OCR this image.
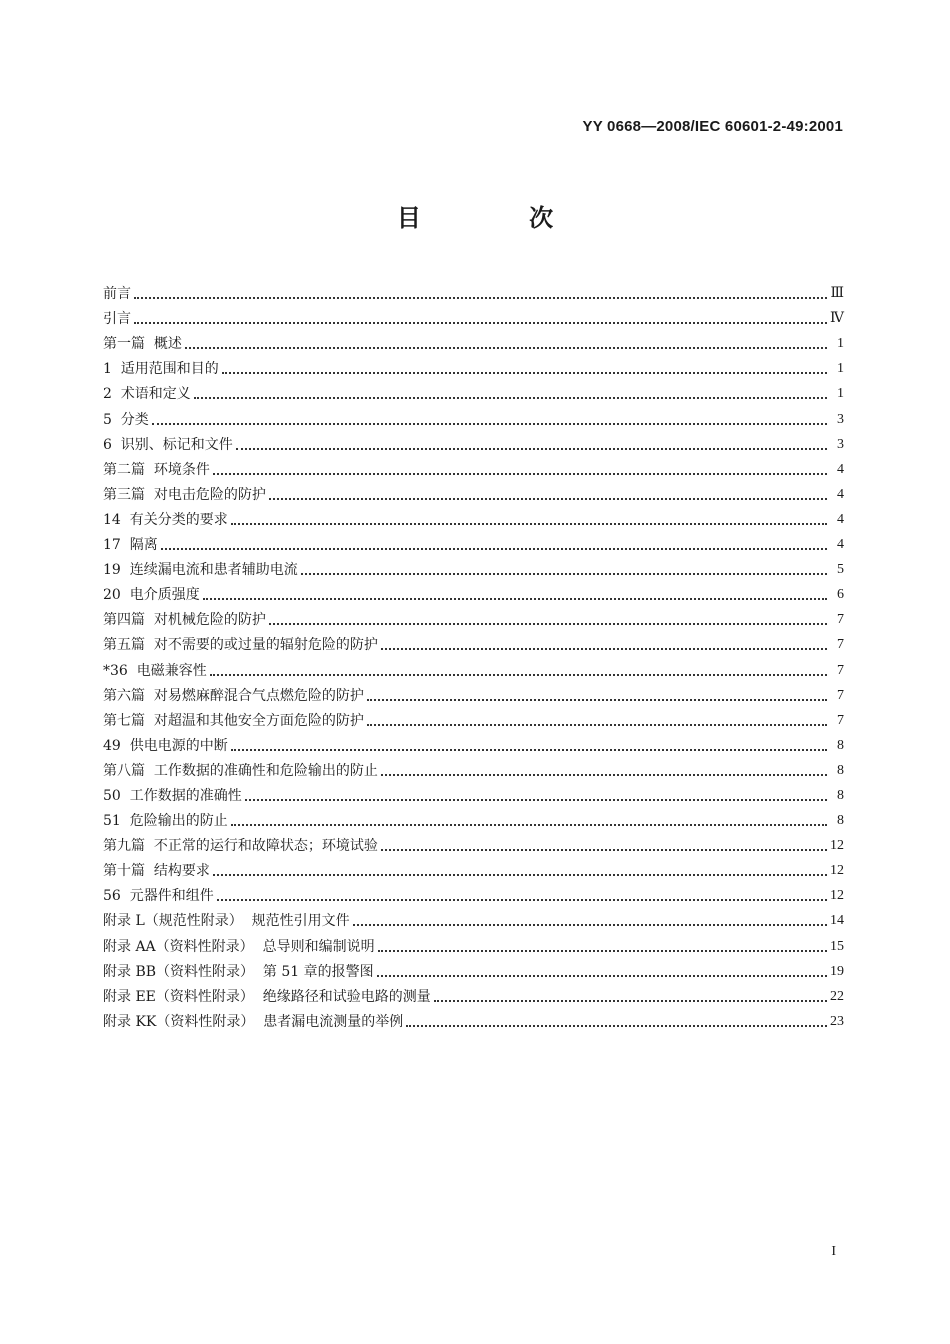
YY 0668—2008/IEC 60601-2-49:2001
目 次
前言	Ⅲ
引言	Ⅳ
第一篇  概述	1
1  适用范围和目的	1
2  术语和定义	1
5  分类	3
6  识别、标记和文件	3
第二篇  环境条件	4
第三篇  对电击危险的防护	4
14  有关分类的要求	4
17  隔离	4
19  连续漏电流和患者辅助电流	5
20  电介质强度	6
第四篇  对机械危险的防护	7
第五篇  对不需要的或过量的辐射危险的防护	7
*36  电磁兼容性	7
第六篇  对易燃麻醉混合气点燃危险的防护	7
第七篇  对超温和其他安全方面危险的防护	7
49  供电电源的中断	8
第八篇  工作数据的准确性和危险输出的防止	8
50  工作数据的准确性	8
51  危险输出的防止	8
第九篇  不正常的运行和故障状态；环境试验	12
第十篇  结构要求	12
56  元器件和组件	12
附录 L（规范性附录）  规范性引用文件	14
附录 AA（资料性附录）  总导则和编制说明	15
附录 BB（资料性附录）  第 51 章的报警图	19
附录 EE（资料性附录）  绝缘路径和试验电路的测量	22
附录 KK（资料性附录）  患者漏电流测量的举例	23
I
